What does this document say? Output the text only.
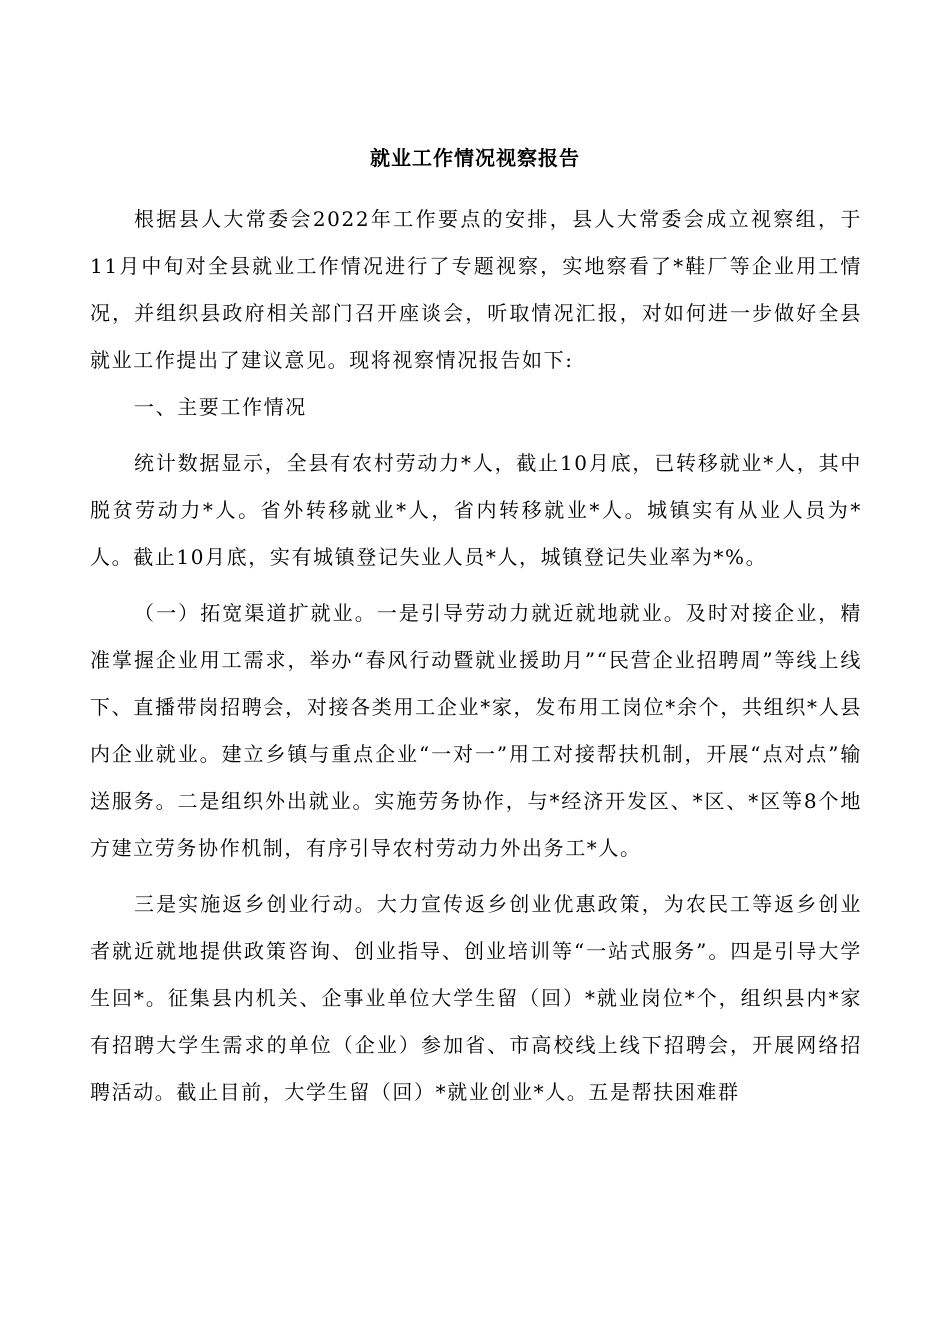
就业工作情况视察报告

根据县人大常委会2022年工作要点的安排，县人大常委会成立视察组，于11月中旬对全县就业工作情况进行了专题视察，实地察看了*鞋厂等企业用工情况，并组织县政府相关部门召开座谈会，听取情况汇报，对如何进一步做好全县就业工作提出了建议意见。现将视察情况报告如下:

一、主要工作情况

统计数据显示，全县有农村劳动力*人，截止10月底，已转移就业*人，其中脱贫劳动力*人。省外转移就业*人，省内转移就业*人。城镇实有从业人员为*人。截止10月底，实有城镇登记失业人员*人，城镇登记失业率为*%。

（一）拓宽渠道扩就业。一是引导劳动力就近就地就业。及时对接企业，精准掌握企业用工需求，举办“春风行动暨就业援助月”“民营企业招聘周”等线上线下、直播带岗招聘会，对接各类用工企业*家，发布用工岗位*余个，共组织*人县内企业就业。建立乡镇与重点企业“一对一”用工对接帮扶机制，开展“点对点”输送服务。二是组织外出就业。实施劳务协作，与*经济开发区、*区、*区等8个地方建立劳务协作机制，有序引导农村劳动力外出务工*人。

三是实施返乡创业行动。大力宣传返乡创业优惠政策，为农民工等返乡创业者就近就地提供政策咨询、创业指导、创业培训等“一站式服务”。四是引导大学生回*。征集县内机关、企事业单位大学生留（回）*就业岗位*个，组织县内*家有招聘大学生需求的单位（企业）参加省、市高校线上线下招聘会，开展网络招聘活动。截止目前，大学生留（回）*就业创业*人。五是帮扶困难群
